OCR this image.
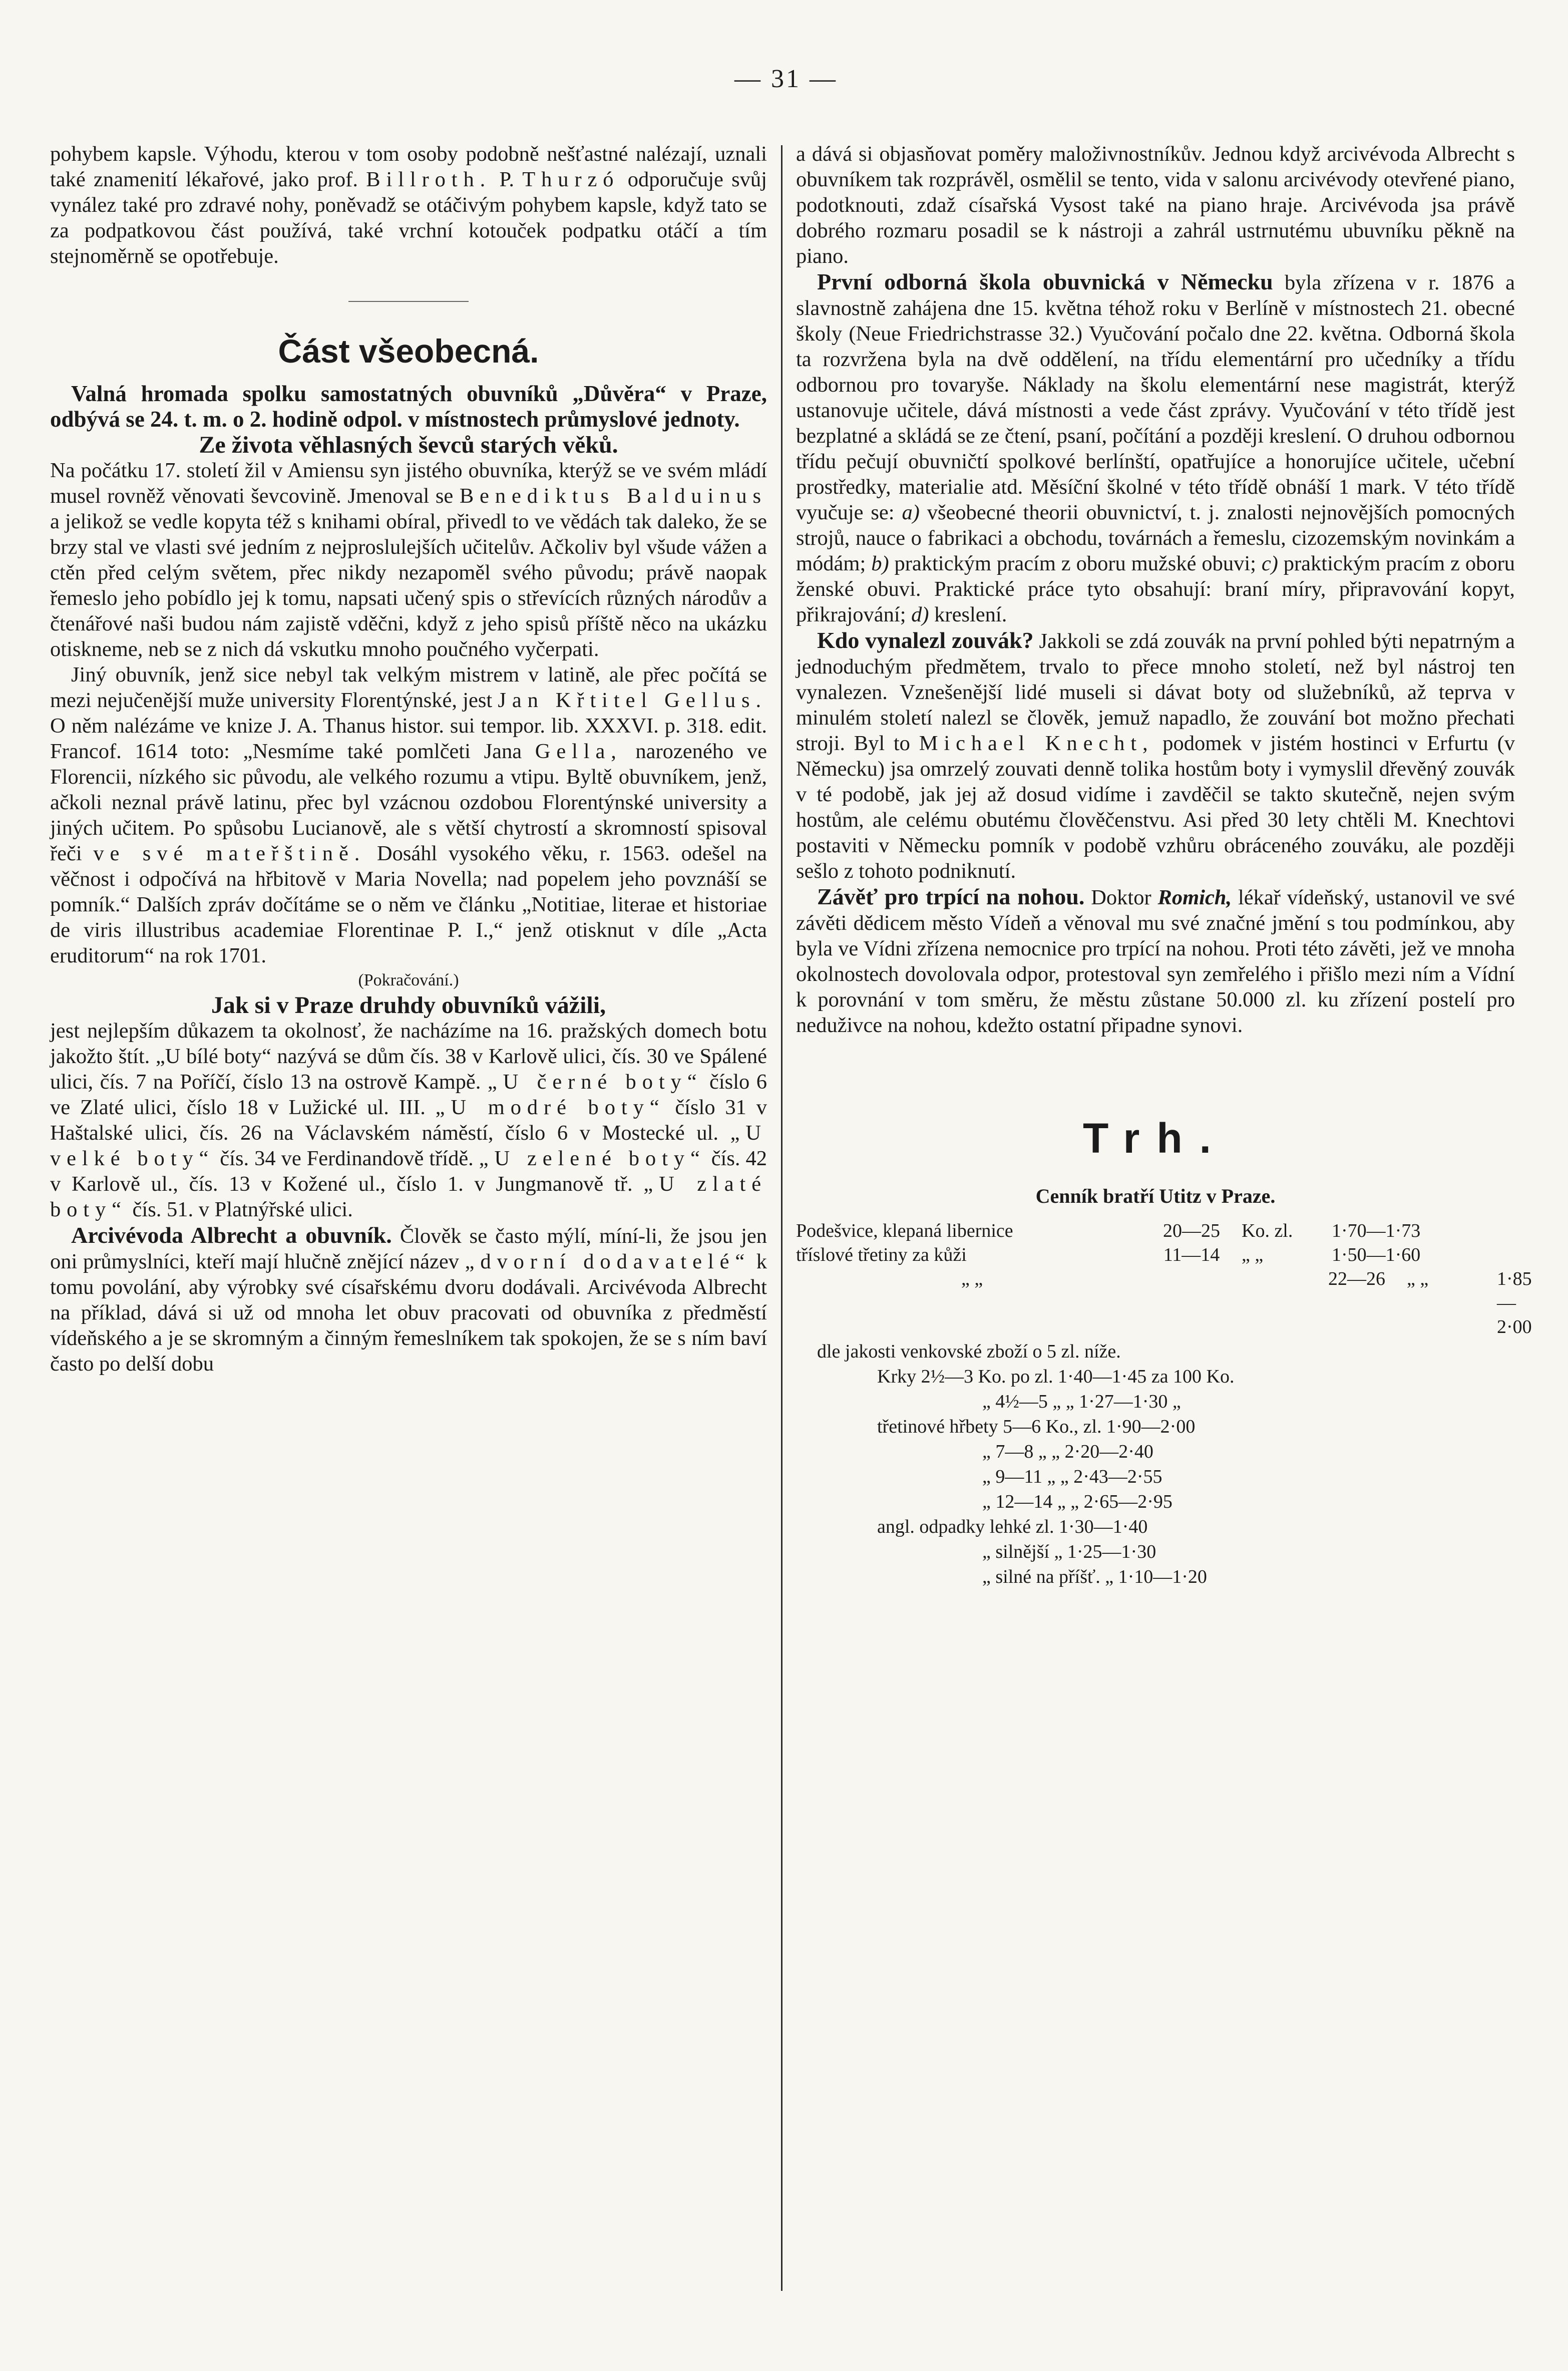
— 31 —

pohybem kapsle. Výhodu, kterou v tom osoby podobně nešťastné nalézají, uznali také znamenití lékařové, jako prof. Billroth. P. Thurzó odporučuje svůj vynález také pro zdravé nohy, poněvadž se otáčivým pohybem kapsle, když tato se za podpatkovou část používá, také vrchní kotouček podpatku otáčí a tím stejnoměrně se opotřebuje.

Část všeobecná.

Valná hromada spolku samostatných obuvníků „Důvěra“ v Praze, odbývá se 24. t. m. o 2. hodině odpol. v místnostech průmyslové jednoty.

Ze života věhlasných ševců starých věků.

Na počátku 17. století žil v Amiensu syn jistého obuvníka, kterýž se ve svém mládí musel rovněž věnovati ševcovině. Jmenoval se Benediktus Balduinus a jelikož se vedle kopyta též s knihami obíral, přivedl to ve vědách tak daleko, že se brzy stal ve vlasti své jedním z nejproslulejších učitelův. Ačkoliv byl všude vážen a ctěn před celým světem, přec nikdy nezapoměl svého původu; právě naopak řemeslo jeho pobídlo jej k tomu, napsati učený spis o střevících různých národův a čtenářové naši budou nám zajistě vděčni, když z jeho spisů příště něco na ukázku otiskneme, neb se z nich dá vskutku mnoho poučného vyčerpati.

Jiný obuvník, jenž sice nebyl tak velkým mistrem v latině, ale přec počítá se mezi nejučenější muže university Florentýnské, jest Jan Křtitel Gellus. O něm nalézáme ve knize J. A. Thanus histor. sui tempor. lib. XXXVI. p. 318. edit. Francof. 1614 toto: „Nesmíme také pomlčeti Jana Gella, narozeného ve Florencii, nízkého sic původu, ale velkého rozumu a vtipu. Byltě obuvníkem, jenž, ačkoli neznal právě latinu, přec byl vzácnou ozdobou Florentýnské university a jiných učitem. Po spůsobu Lucianově, ale s větší chytrostí a skromností spisoval řeči ve své mateřštině. Dosáhl vysokého věku, r. 1563. odešel na věčnost i odpočívá na hřbitově v Maria Novella; nad popelem jeho povznáší se pomník.“ Dalších zpráv dočítáme se o něm ve článku „Notitiae, literae et historiae de viris illustribus academiae Florentinae P. I.,“ jenž otisknut v díle „Acta eruditorum“ na rok 1701.

(Pokračování.)
Jak si v Praze druhdy obuvníků vážili,

jest nejlepším důkazem ta okolnosť, že nacházíme na 16. pražských domech botu jakožto štít. „U bílé boty“ nazývá se dům čís. 38 v Karlově ulici, čís. 30 ve Spálené ulici, čís. 7 na Poříčí, číslo 13 na ostrově Kampě. „U černé boty“ číslo 6 ve Zlaté ulici, číslo 18 v Lužické ul. III. „U modré boty“ číslo 31 v Haštalské ulici, čís. 26 na Václavském náměstí, číslo 6 v Mostecké ul. „U velké boty“ čís. 34 ve Ferdinandově třídě. „U zelené boty“ čís. 42 v Karlově ul., čís. 13 v Kožené ul., číslo 1. v Jungmanově tř. „U zlaté boty“ čís. 51. v Platnýřské ulici.

Arcivévoda Albrecht a obuvník. Člověk se často mýlí, míní-li, že jsou jen oni průmyslníci, kteří mají hlučně znějící název „dvorní dodavatelé“ k tomu povolání, aby výrobky své císařskému dvoru dodávali. Arcivévoda Albrecht na příklad, dává si už od mnoha let obuv pracovati od obuvníka z předměstí vídeňského a je se skromným a činným řemeslníkem tak spokojen, že se s ním baví často po delší dobu

a dává si objasňovat poměry maloživnostníkův. Jednou když arcivévoda Albrecht s obuvníkem tak rozprávěl, osmělil se tento, vida v salonu arcivévody otevřené piano, podotknouti, zdaž císařská Vysost také na piano hraje. Arcivévoda jsa právě dobrého rozmaru posadil se k nástroji a zahrál ustrnutému ubuvníku pěkně na piano.

První odborná škola obuvnická v Německu byla zřízena v r. 1876 a slavnostně zahájena dne 15. května téhož roku v Berlíně v místnostech 21. obecné školy (Neue Friedrichstrasse 32.) Vyučování počalo dne 22. května. Odborná škola ta rozvržena byla na dvě oddělení, na třídu elementární pro učedníky a třídu odbornou pro tovaryše. Náklady na školu elementární nese magistrát, kterýž ustanovuje učitele, dává místnosti a vede část zprávy. Vyučování v této třídě jest bezplatné a skládá se ze čtení, psaní, počítání a později kreslení. O druhou odbornou třídu pečují obuvničtí spolkové berlínští, opatřujíce a honorujíce učitele, učební prostředky, materialie atd. Měsíční školné v této třídě obnáší 1 mark. V této třídě vyučuje se: a) všeobecné theorii obuvnictví, t. j. znalosti nejnovějších pomocných strojů, nauce o fabrikaci a obchodu, továrnách a řemeslu, cizozemským novinkám a módám; b) praktickým pracím z oboru mužské obuvi; c) praktickým pracím z oboru ženské obuvi. Praktické práce tyto obsahují: braní míry, připravování kopyt, přikrajování; d) kreslení.

Kdo vynalezl zouvák? Jakkoli se zdá zouvák na první pohled býti nepatrným a jednoduchým předmětem, trvalo to přece mnoho století, než byl nástroj ten vynalezen. Vznešenější lidé museli si dávat boty od služebníků, až teprva v minulém století nalezl se člověk, jemuž napadlo, že zouvání bot možno přechati stroji. Byl to Michael Knecht, podomek v jistém hostinci v Erfurtu (v Německu) jsa omrzelý zouvati denně tolika hostům boty i vymyslil dřevěný zouvák v té podobě, jak jej až dosud vidíme i zavděčil se takto skutečně, nejen svým hostům, ale celému obutému člověčenstvu. Asi před 30 lety chtěli M. Knechtovi postaviti v Německu pomník v podobě vzhůru obráceného zouváku, ale později sešlo z tohoto podniknutí.

Závěť pro trpící na nohou. Doktor Romich, lékař vídeňský, ustanovil ve své závěti dědicem město Vídeň a věnoval mu své značné jmění s tou podmínkou, aby byla ve Vídni zřízena nemocnice pro trpící na nohou. Proti této závěti, jež ve mnoha okolnostech dovolovala odpor, protestoval syn zemřelého i přišlo mezi ním a Vídní k porovnání v tom směru, že městu zůstane 50.000 zl. ku zřízení postelí pro neduživce na nohou, kdežto ostatní připadne synovi.

Trh.
Cenník bratří Utitz v Praze.
Podešvice, klepaná libernice	20—25	Ko. zl.	1·70—1·73
tříslové třetiny za kůži	11—14	„ „	1·50—1·60
„ „	22—26	„ „	1·85—2·00

dle jakosti venkovské zboží o 5 zl. níže.

Krky 2½—3 Ko. po zl. 1·40—1·45 za 100 Ko.

„ 4½—5 „ „ 1·27—1·30 „

třetinové hřbety 5—6 Ko., zl. 1·90—2·00

„ 7—8 „ „ 2·20—2·40

„ 9—11 „ „ 2·43—2·55

„ 12—14 „ „ 2·65—2·95

angl. odpadky lehké zl. 1·30—1·40

„ silnější „ 1·25—1·30

„ silné na příšť. „ 1·10—1·20
